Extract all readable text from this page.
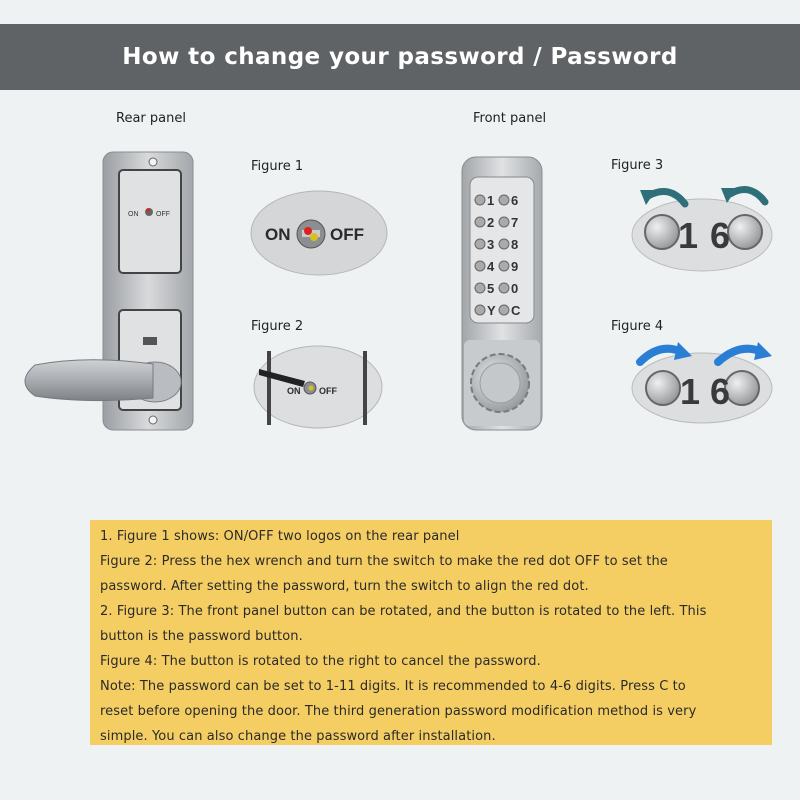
How to change your password / Password
Rear panel	Front panel
Figure 1
Figure 2
Figure 3
Figure 4
ON	OFF
ON OFF
ON OFF
1
2
3
4
5
Y
6
7
8
9
0
C
1 6
1 6

1. Figure 1 shows: ON/OFF two logos on the rear panel

Figure 2: Press the hex wrench and turn the switch to make the red dot OFF to set the

password. After setting the password, turn the switch to align the red dot.

2. Figure 3: The front panel button can be rotated, and the button is rotated to the left. This

button is the password button.

Figure 4: The button is rotated to the right to cancel the password.

Note: The password can be set to 1-11 digits. It is recommended to 4-6 digits. Press C to

reset before opening the door. The third generation password modification method is very

simple. You can also change the password after installation.
